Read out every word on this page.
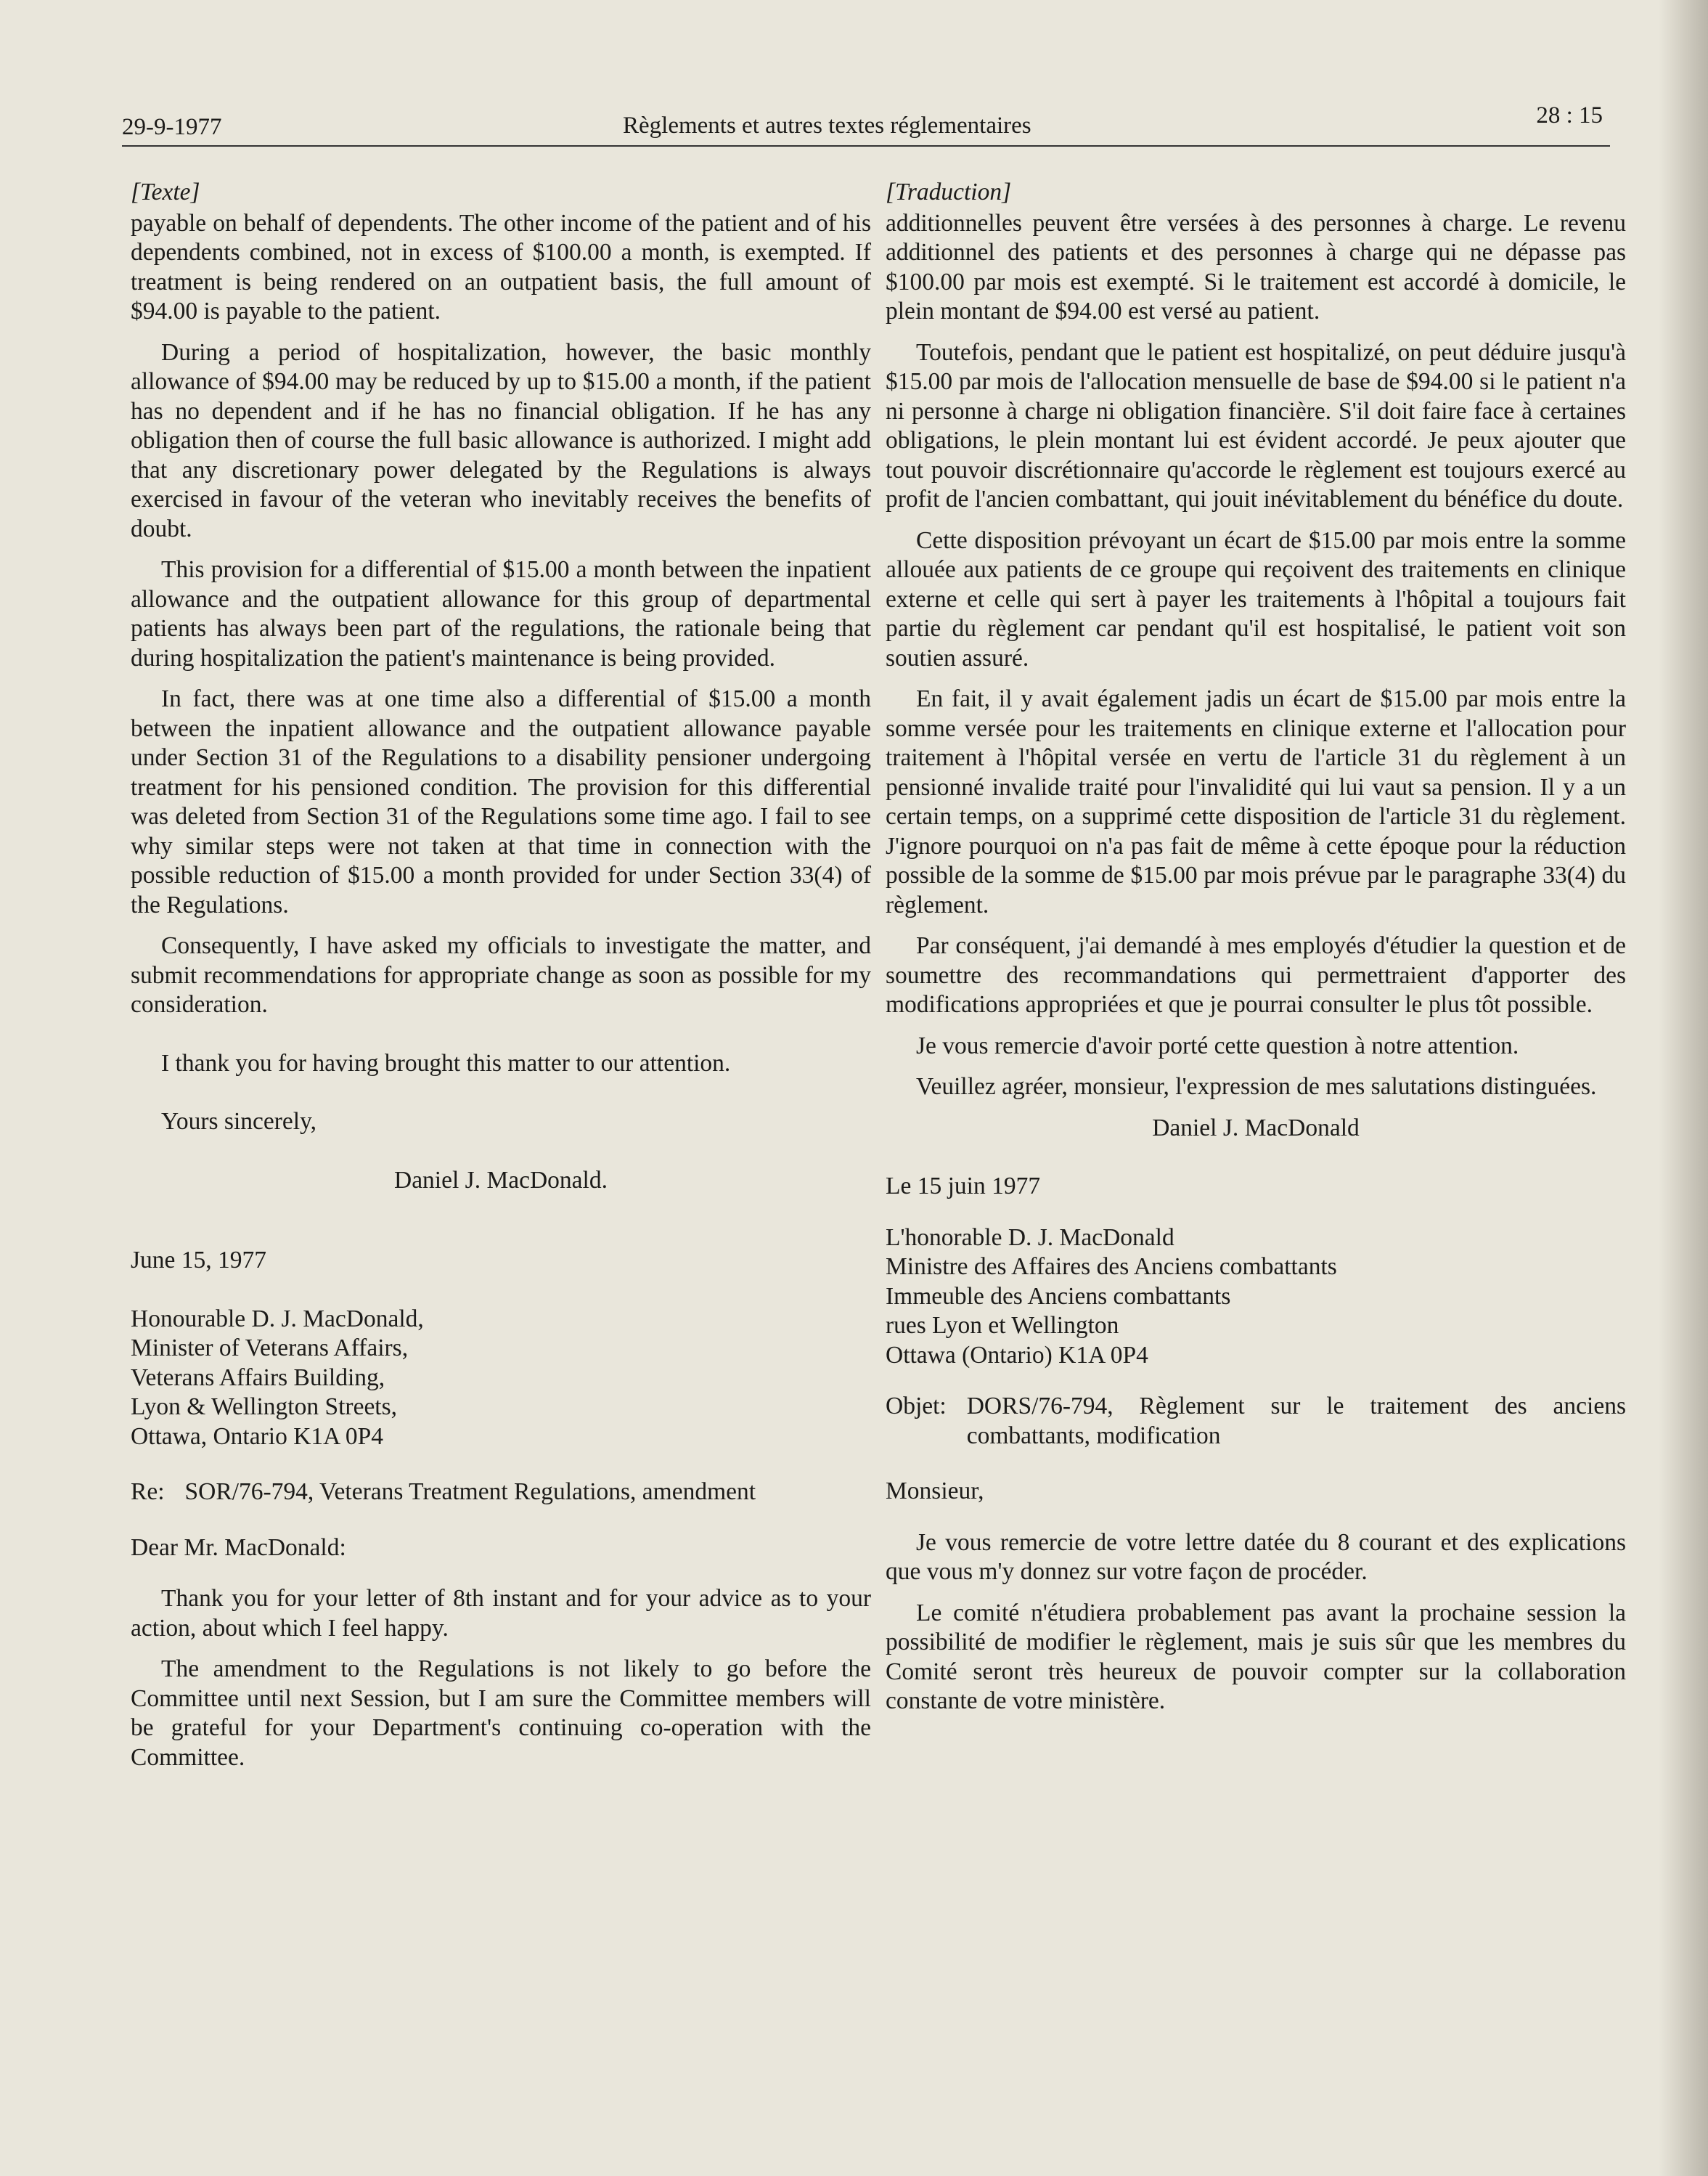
29-9-1977	Règlements et autres textes réglementaires	28 : 15

[Texte]

payable on behalf of dependents. The other income of the patient and of his dependents combined, not in excess of $100.00 a month, is exempted. If treatment is being rendered on an outpatient basis, the full amount of $94.00 is payable to the patient.

During a period of hospitalization, however, the basic monthly allowance of $94.00 may be reduced by up to $15.00 a month, if the patient has no dependent and if he has no financial obligation. If he has any obligation then of course the full basic allowance is authorized. I might add that any discretionary power delegated by the Regulations is always exercised in favour of the veteran who inevitably receives the benefits of doubt.

This provision for a differential of $15.00 a month between the inpatient allowance and the outpatient allowance for this group of departmental patients has always been part of the regulations, the rationale being that during hospitalization the patient's maintenance is being provided.

In fact, there was at one time also a differential of $15.00 a month between the inpatient allowance and the outpatient allowance payable under Section 31 of the Regulations to a disability pensioner undergoing treatment for his pensioned condition. The provision for this differential was deleted from Section 31 of the Regulations some time ago. I fail to see why similar steps were not taken at that time in connection with the possible reduction of $15.00 a month provided for under Section 33(4) of the Regulations.

Consequently, I have asked my officials to investigate the matter, and submit recommendations for appropriate change as soon as possible for my consideration.

I thank you for having brought this matter to our attention.

Yours sincerely,

Daniel J. MacDonald.

June 15, 1977

Honourable D. J. MacDonald,
Minister of Veterans Affairs,
Veterans Affairs Building,
Lyon & Wellington Streets,
Ottawa, Ontario K1A 0P4
Re: SOR/76-794, Veterans Treatment Regulations, amendment

Dear Mr. MacDonald:

Thank you for your letter of 8th instant and for your advice as to your action, about which I feel happy.

The amendment to the Regulations is not likely to go before the Committee until next Session, but I am sure the Committee members will be grateful for your Department's continuing co-operation with the Committee.

[Traduction]

additionnelles peuvent être versées à des personnes à charge. Le revenu additionnel des patients et des personnes à charge qui ne dépasse pas $100.00 par mois est exempté. Si le traitement est accordé à domicile, le plein montant de $94.00 est versé au patient.

Toutefois, pendant que le patient est hospitalizé, on peut déduire jusqu'à $15.00 par mois de l'allocation mensuelle de base de $94.00 si le patient n'a ni personne à charge ni obligation financière. S'il doit faire face à certaines obligations, le plein montant lui est évident accordé. Je peux ajouter que tout pouvoir discrétionnaire qu'accorde le règlement est toujours exercé au profit de l'ancien combattant, qui jouit inévitablement du bénéfice du doute.

Cette disposition prévoyant un écart de $15.00 par mois entre la somme allouée aux patients de ce groupe qui reçoivent des traitements en clinique externe et celle qui sert à payer les traitements à l'hôpital a toujours fait partie du règlement car pendant qu'il est hospitalisé, le patient voit son soutien assuré.

En fait, il y avait également jadis un écart de $15.00 par mois entre la somme versée pour les traitements en clinique externe et l'allocation pour traitement à l'hôpital versée en vertu de l'article 31 du règlement à un pensionné invalide traité pour l'invalidité qui lui vaut sa pension. Il y a un certain temps, on a supprimé cette disposition de l'article 31 du règlement. J'ignore pourquoi on n'a pas fait de même à cette époque pour la réduction possible de la somme de $15.00 par mois prévue par le paragraphe 33(4) du règlement.

Par conséquent, j'ai demandé à mes employés d'étudier la question et de soumettre des recommandations qui permettraient d'apporter des modifications appropriées et que je pourrai consulter le plus tôt possible.

Je vous remercie d'avoir porté cette question à notre attention.

Veuillez agréer, monsieur, l'expression de mes salutations distinguées.

Daniel J. MacDonald

Le 15 juin 1977

L'honorable D. J. MacDonald
Ministre des Affaires des Anciens combattants
Immeuble des Anciens combattants
rues Lyon et Wellington
Ottawa (Ontario) K1A 0P4
Objet: DORS/76-794, Règlement sur le traitement des anciens combattants, modification

Monsieur,

Je vous remercie de votre lettre datée du 8 courant et des explications que vous m'y donnez sur votre façon de procéder.

Le comité n'étudiera probablement pas avant la prochaine session la possibilité de modifier le règlement, mais je suis sûr que les membres du Comité seront très heureux de pouvoir compter sur la collaboration constante de votre ministère.
